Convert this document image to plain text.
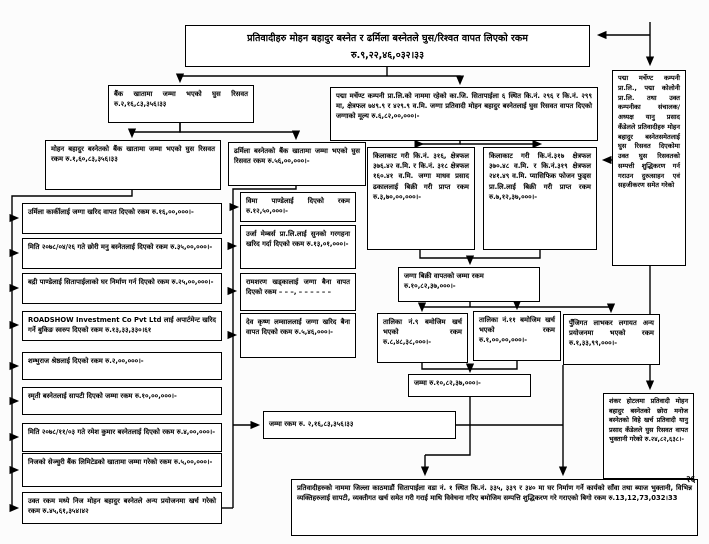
प्रतिवादीहरु मोहन बहादुर बस्नेत र ढर्मिला बस्नेतले घुस/रिश्वत वापत लिएको रकम
रु.९,२२,४६,०३२।३३
बैंक खातामा जम्मा भएको घुस रिसवत रु.२,१६,८३,३५६।३३
पद्मा मर्चेण्ट कम्पनी प्रा.लि.को नाममा रहेको का.जि. सितापाईला ६ स्थित कि.नं. २९६ र कि.नं. २९९ मा, क्षेत्रफल ७४९.९ र ४२९.९ व.मि. जग्गा प्रतिवादी मोहन बहादुर बस्नेतलाई घुस रिसवत वापत दिएको जग्गाको मूल्य रु.६,८२,००,०००।-
पद्मा मर्चेण्ट कम्पनी प्रा.लि., पद्मा कोलोनी प्रा.लि. तथा उक्त कम्पनीका संचालक/अध्यक्ष यानु प्रसाद कँडेलले प्रतिवादीहरु मोहन बहादुर बस्नेतसमेतलाई घुस रिसवत दिएकोमा उक्त घुस रिसवतको सम्पत्ती शुद्धिकरण गर्न गराउन दुरुत्साहन एवं सहजीकरण समेत गरेको
मोहन बहादुर बस्नेतको बैंक खातामा जम्मा भएको घुस रिसवत रकम रु.१,६०,८३,३५६।३३
ढर्मिला बस्नेतको बैंक खातामा जम्मा भएको घुस रिसवत रकम रु.५६,००,०००।-
किलाकाट गरी कि.नं. ३१६, क्षेत्रफल ३७६.४२ व.मि. र कि.नं. ३१८ क्षेत्रफल १६०.४१ व.मि. जग्गा माधव प्रसाद ढकाललाई बिक्री गरी प्राप्त रकम रु.३,७०,००,०००।-
किलाकाट गरी कि.नं.३१७ क्षेत्रफल ३७०.४८ व.मि. र कि.नं.३१९ क्षेत्रफल २४१.४९ व.मि. प्यासिफिक फोजन फुड्स प्रा.लि.लाई बिक्री गरी प्राप्त रकम रु.७,१२,३७,०००।-
जग्गा बिक्री वापतको जम्मा रकम रु.१०,८२,३७,०००।-
तालिका नं.९ बमोजिम खर्च भएको रकम रु.८,४८,३८,०००।-
तालिका नं.११ बमोजिम खर्च भएको रकम रु.१,००,००,०००।-
पुँजिगत लाभकर लगायत अन्य प्रयोजनमा भएको रकम रु.१,३३,९९,०००।-
जम्मा रु.१०,८२,३७,०००।-
जम्मा रकम रु. २,१६,८३,३५६।३३
शंकर होटलमा प्रतिवादी मोहन बहादुर बस्नेतको छोरा मनोज बस्नेतको विहे खर्च प्रतिवादी यानु प्रसाद कँडेलले घुस रिसवत वापत भुक्तानी गरेको रु.२४,८२,६३८।-
प्रतिवादीहरुको नाममा जिल्ला काठमाडौं सितापाईला वडा नं. १ स्थित कि.नं. ३३५, ३३९ र ३४० मा घर निर्माण गर्ने कार्यको साँवा तथा ब्याज भुक्तानी, विभिन्न व्यक्तिहरुलाई सापटी, व्यक्तीगत खर्च समेत गरी गराई माथि विवेचना गरिए बमोजिम सम्पत्ति शुद्धिकरण गरे गराएको बिगो रकम रु.13,12,73,032।33
उर्मिला कार्कीलाई जग्गा खरिद वापत दिएको रकम रु.१६,००,०००।-
मिति २०७८/०४/२६ गते छोरी मनु बस्नेतलाई दिएको रकम रु.३५,००,०००।-
बद्री पाण्डेलाई सितापाईलाको घर निर्माण गर्न दिएको रकम रु.२५,००,०००।-
ROADSHOW Investment Co Pvt Ltd लाई अपार्टमेन्ट खरिद गर्ने बुकिङ स्वरुप दिएको रकम रु.१३,३३,३३०।६१
शम्भुराज श्रेष्ठलाई दिएको रकम रु.२,००,०००।-
स्मृती बस्नेतलाई सापटी दिएको जम्मा रकम रु.१०,००,०००।-
मिति २०७८/११/०३ गते रमेश कुमार बस्नेतलाई दिएको रकम रु.४,००,०००।-
निजको सेञ्चुरी बैंक लिमिटेडको खातामा जम्मा गरेको रकम रु.५,००,०००।-
उक्त रकम मध्ये निज मोहन बहादुर बस्नेतले अन्य प्रयोजनमा खर्च गरेको रकम रु.४५,६१,३५४।४२
विमा पाण्डेलाई दिएको रकम रु.१२,५०,०००।-
उर्जा मेम्बर्स प्रा.लि.लाई सुनको गरगहना खरिद गर्दा दिएको रकम रु.१३,०१,०००।-
रामशरण खड्कालाई जग्गा बैना वापत दिएको रकम – – –, – – – – – –
देव कृष्ण लम्साललाई जग्गा खरिद बैना वापत दिएको रकम रु.५,४६,०००।-
२६
